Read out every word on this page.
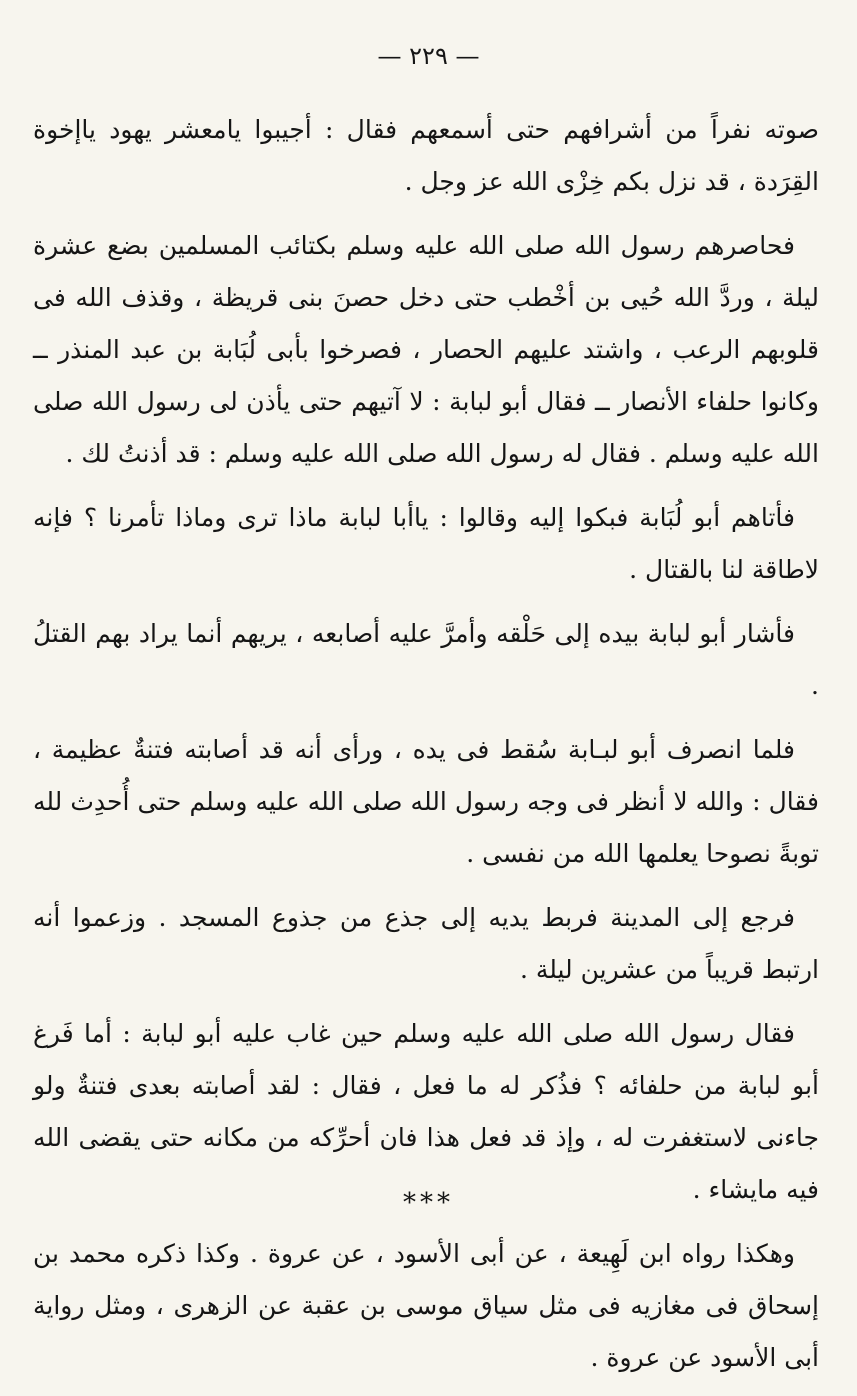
— ٢٢٩ —

صوته نفراً من أشرافهم حتى أسمعهم فقال : أجيبوا يامعشر يهود ياإخوة القِرَدة ، قد نزل بكم خِزْى الله عز وجل .

فحاصرهم رسول الله صلى الله عليه وسلم بكتائب المسلمين بضع عشرة ليلة ، وردَّ الله حُيى بن أخْطب حتى دخل حصنَ بنى قريظة ، وقذف الله فى قلوبهم الرعب ، واشتد عليهم الحصار ، فصرخوا بأبى لُبَابة بن عبد المنذر ــ وكانوا حلفاء الأنصار ــ فقال أبو لبابة : لا آتيهم حتى يأذن لى رسول الله صلى الله عليه وسلم . فقال له رسول الله صلى الله عليه وسلم : قد أذنتُ لك .

فأتاهم أبو لُبَابة فبكوا إليه وقالوا : ياأبا لبابة ماذا ترى وماذا تأمرنا ؟ فإنه لاطاقة لنا بالقتال .

فأشار أبو لبابة بيده إلى حَلْقه وأمرَّ عليه أصابعه ، يريهم أنما يراد بهم القتلُ .

فلما انصرف أبو لبـابة سُقط فى يده ، ورأى أنه قد أصابته فتنةٌ عظيمة ، فقال : والله لا أنظر فى وجه رسول الله صلى الله عليه وسلم حتى أُحدِث لله توبةً نصوحا يعلمها الله من نفسى .

فرجع إلى المدينة فربط يديه إلى جذع من جذوع المسجد . وزعموا أنه ارتبط قريباً من عشرين ليلة .

فقال رسول الله صلى الله عليه وسلم حين غاب عليه أبو لبابة : أما فَرغ أبو لبابة من حلفائه ؟ فذُكر له ما فعل ، فقال : لقد أصابته بعدى فتنةٌ ولو جاءنى لاستغفرت له ، وإذ قد فعل هذا فان أحرِّكه من مكانه حتى يقضى الله فيه مايشاء .

وهكذا رواه ابن لَهِيعة ، عن أبى الأسود ، عن عروة . وكذا ذكره محمد بن إسحاق فى مغازيه فى مثل سياق موسى بن عقبة عن الزهرى ، ومثل رواية أبى الأسود عن عروة .

***
